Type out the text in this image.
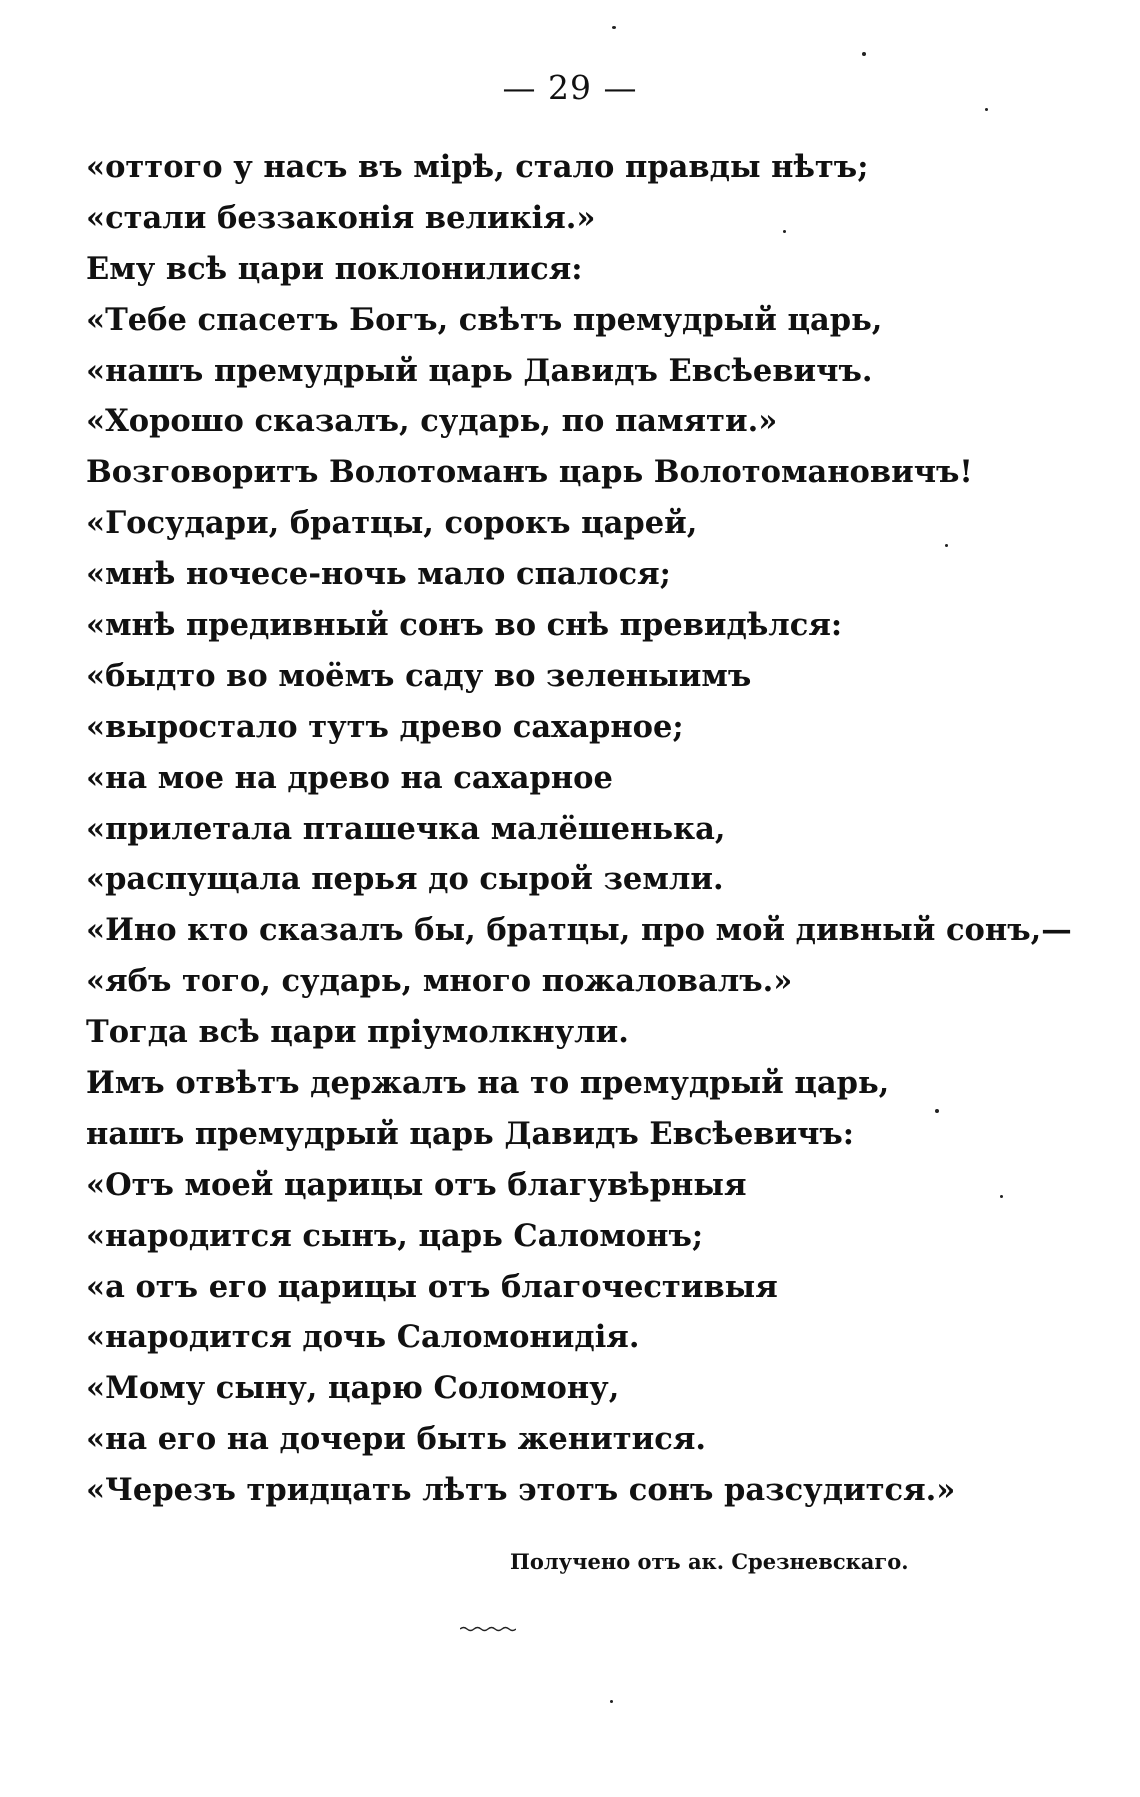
— 29 —
«оттого у насъ въ мірѣ, стало правды нѣтъ;
«стали беззаконія великія.»
Ему всѣ цари поклонилися:
«Тебе спасетъ Богъ, свѣтъ премудрый царь,
«нашъ премудрый царь Давидъ Евсѣевичъ.
«Хорошо сказалъ, сударь, по памяти.»
Возговоритъ Волотоманъ царь Волотомановичъ!
«Государи, братцы, сорокъ царей,
«мнѣ ночесе-ночь мало спалося;
«мнѣ предивный сонъ во снѣ превидѣлся:
«быдто во моёмъ саду во зеленыимъ
«выростало тутъ древо сахарное;
«на мое на древо на сахарное
«прилетала пташечка малёшенька,
«распущала перья до сырой земли.
«Ино кто сказалъ бы, братцы, про мой дивный сонъ,—
«ябъ того, сударь, много пожаловалъ.»
Тогда всѣ цари пріумолкнули.
Имъ отвѣтъ держалъ на то премудрый царь,
нашъ премудрый царь Давидъ Евсѣевичъ:
«Отъ моей царицы отъ благувѣрныя
«народится сынъ, царь Саломонъ;
«а отъ его царицы отъ благочестивыя
«народится дочь Саломонидія.
«Мому сыну, царю Соломону,
«на его на дочери быть женитися.
«Черезъ тридцать лѣтъ этотъ сонъ разсудится.»
Получено отъ ак. Срезневскаго.
